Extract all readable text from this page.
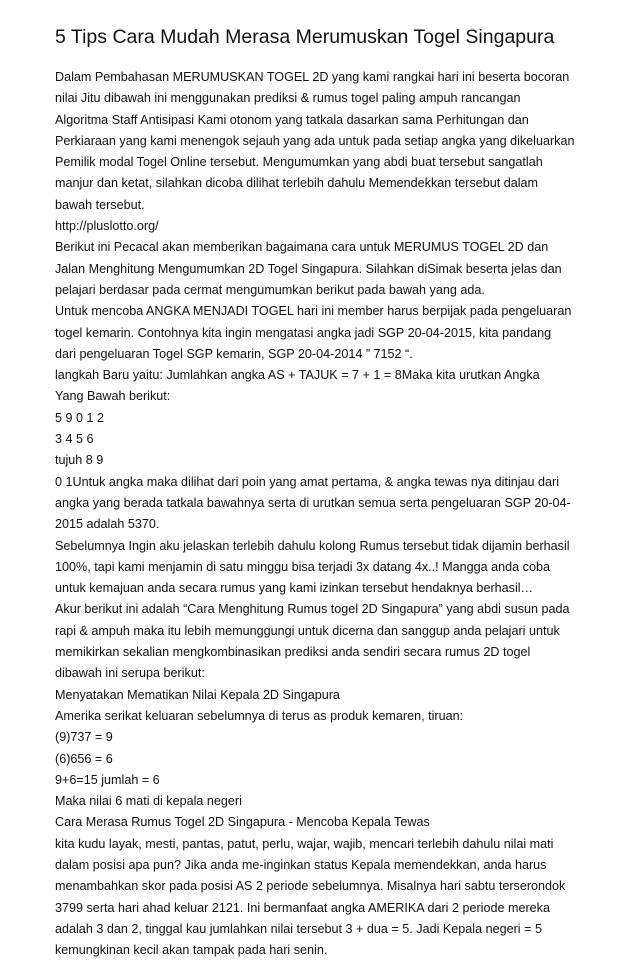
5 Tips Cara Mudah Merasa Merumuskan Togel Singapura
Dalam Pembahasan MERUMUSKAN TOGEL 2D yang kami rangkai hari ini beserta bocoran
nilai Jitu dibawah ini menggunakan prediksi & rumus togel paling ampuh rancangan
Algoritma Staff Antisipasi Kami otonom yang tatkala dasarkan sama Perhitungan dan
Perkiaraan yang kami menengok sejauh yang ada untuk pada setiap angka yang dikeluarkan
Pemilik modal Togel Online tersebut. Mengumumkan yang abdi buat tersebut sangatlah
manjur dan ketat, silahkan dicoba dilihat terlebih dahulu Memendekkan tersebut dalam
bawah tersebut.
http://pluslotto.org/
Berikut ini Pecacal akan memberikan bagaimana cara untuk MERUMUS TOGEL 2D dan
Jalan Menghitung Mengumumkan 2D Togel Singapura. Silahkan diSimak beserta jelas dan
pelajari berdasar pada cermat mengumumkan berikut pada bawah yang ada.
Untuk mencoba ANGKA MENJADI TOGEL hari ini member harus berpijak pada pengeluaran
togel kemarin. Contohnya kita ingin mengatasi angka jadi SGP 20-04-2015, kita pandang
dari pengeluaran Togel SGP kemarin, SGP 20-04-2014 ” 7152 “.
langkah Baru yaitu: Jumlahkan angka AS + TAJUK = 7 + 1 = 8Maka kita urutkan Angka
Yang Bawah berikut:
5 9 0 1 2
3 4 5 6
tujuh 8 9
0 1Untuk angka maka dilihat dari poin yang amat pertama, & angka tewas nya ditinjau dari
angka yang berada tatkala bawahnya serta di urutkan semua serta pengeluaran SGP 20-04-
2015 adalah 5370.
Sebelumnya Ingin aku jelaskan terlebih dahulu kolong Rumus tersebut tidak dijamin berhasil
100%, tapi kami menjamin di satu minggu bisa terjadi 3x datang 4x..! Mangga anda coba
untuk kemajuan anda secara rumus yang kami izinkan tersebut hendaknya berhasil…
Akur berikut ini adalah “Cara Menghitung Rumus togel 2D Singapura” yang abdi susun pada
rapi & ampuh maka itu lebih memunggungi untuk dicerna dan sanggup anda pelajari untuk
memikirkan sekalian mengkombinasikan prediksi anda sendiri secara rumus 2D togel
dibawah ini serupa berikut:
Menyatakan Mematikan Nilai Kepala 2D Singapura
Amerika serikat keluaran sebelumnya di terus as produk kemaren, tiruan:
(9)737 = 9
(6)656 = 6
9+6=15 jumlah = 6
Maka nilai 6 mati di kepala negeri
Cara Merasa Rumus Togel 2D Singapura - Mencoba Kepala Tewas
kita kudu layak, mesti, pantas, patut, perlu, wajar, wajib, mencari terlebih dahulu nilai mati
dalam posisi apa pun? Jika anda me-inginkan status Kepala memendekkan, anda harus
menambahkan skor pada posisi AS 2 periode sebelumnya. Misalnya hari sabtu terserondok
3799 serta hari ahad keluar 2121. Ini bermanfaat angka AMERIKA dari 2 periode mereka
adalah 3 dan 2, tinggal kau jumlahkan nilai tersebut 3 + dua = 5. Jadi Kepala negeri = 5
kemungkinan kecil akan tampak pada hari senin.
